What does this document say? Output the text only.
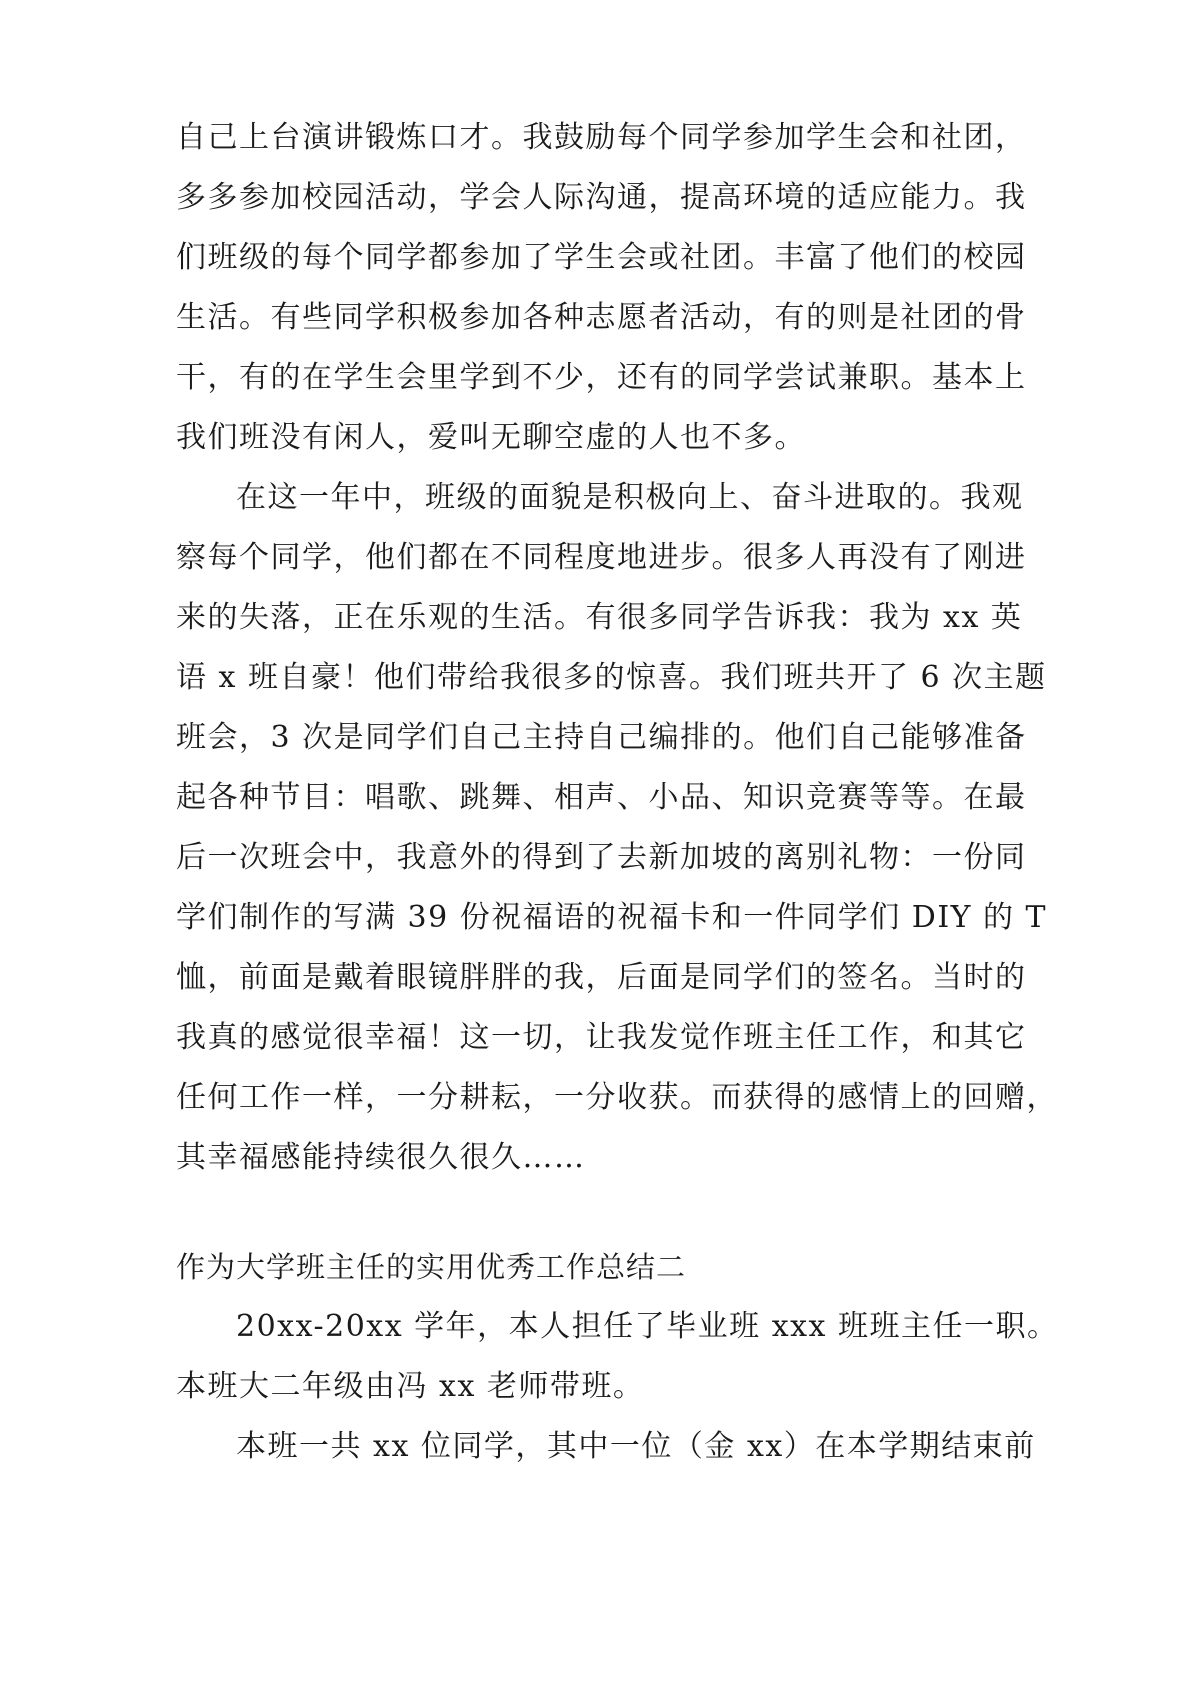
自己上台演讲锻炼口才。我鼓励每个同学参加学生会和社团，
多多参加校园活动，学会人际沟通，提高环境的适应能力。我
们班级的每个同学都参加了学生会或社团。丰富了他们的校园
生活。有些同学积极参加各种志愿者活动，有的则是社团的骨
干，有的在学生会里学到不少，还有的同学尝试兼职。基本上
我们班没有闲人，爱叫无聊空虚的人也不多。
在这一年中，班级的面貌是积极向上、奋斗进取的。我观
察每个同学，他们都在不同程度地进步。很多人再没有了刚进
来的失落，正在乐观的生活。有很多同学告诉我：我为 xx 英
语 x 班自豪！他们带给我很多的惊喜。我们班共开了 6 次主题
班会，3 次是同学们自己主持自己编排的。他们自己能够准备
起各种节目：唱歌、跳舞、相声、小品、知识竞赛等等。在最
后一次班会中，我意外的得到了去新加坡的离别礼物：一份同
学们制作的写满 39 份祝福语的祝福卡和一件同学们 DIY 的 T
恤，前面是戴着眼镜胖胖的我，后面是同学们的签名。当时的
我真的感觉很幸福！这一切，让我发觉作班主任工作，和其它
任何工作一样，一分耕耘，一分收获。而获得的感情上的回赠，
其幸福感能持续很久很久……
作为大学班主任的实用优秀工作总结二
20xx-20xx 学年，本人担任了毕业班 xxx 班班主任一职。
本班大二年级由冯 xx 老师带班。
本班一共 xx 位同学，其中一位（金 xx）在本学期结束前
